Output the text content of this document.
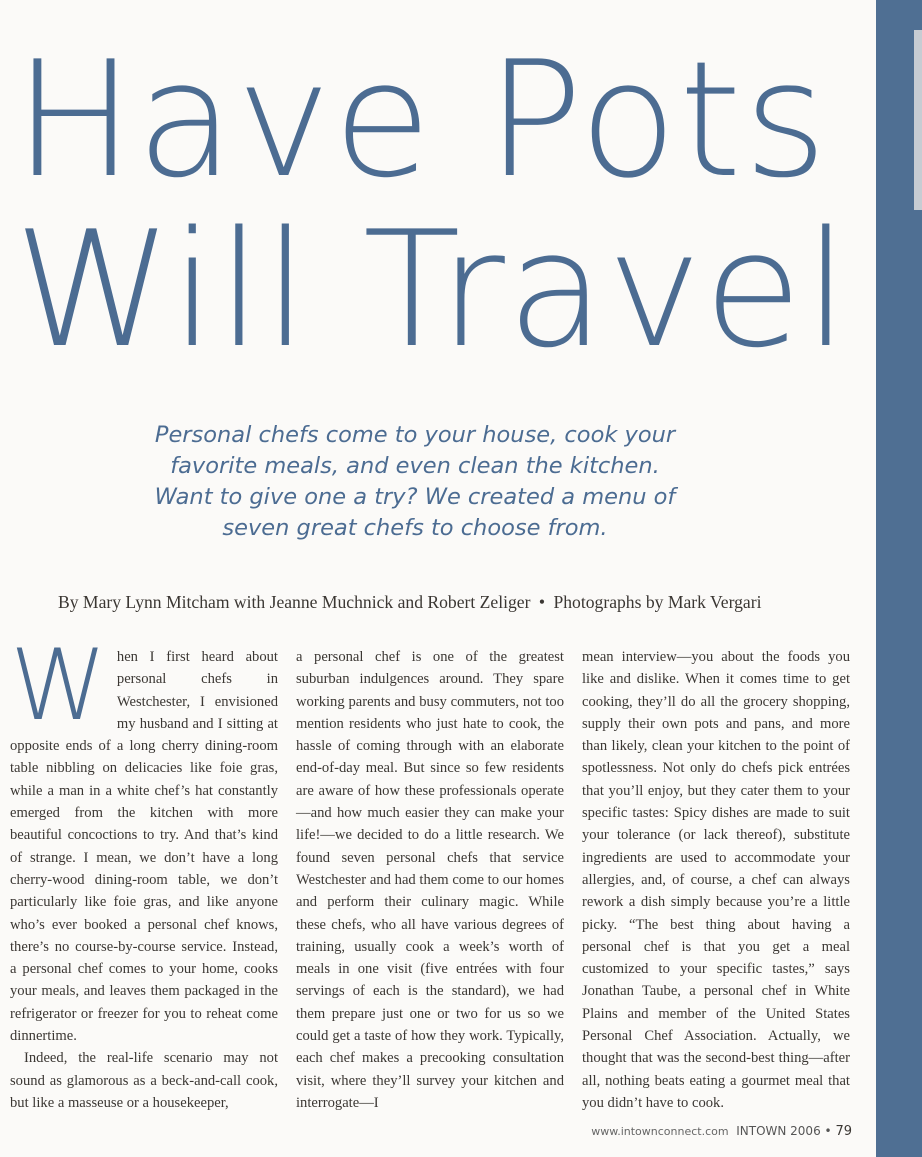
Have Pots
Will Travel

Personal chefs come to your house, cook your

favorite meals, and even clean the kitchen.

Want to give one a try? We created a menu of

seven great chefs to choose from.

By Mary Lynn Mitcham with Jeanne Muchnick and Robert Zeliger • Photographs by Mark Vergari

When I first heard about personal chefs in Westchester, I envisioned my husband and I sitting at opposite ends of a long cherry dining-room table nibbling on delicacies like foie gras, while a man in a white chef’s hat constantly emerged from the kitchen with more beautiful concoctions to try. And that’s kind of strange. I mean, we don’t have a long cherry-wood dining-room table, we don’t particularly like foie gras, and like anyone who’s ever booked a personal chef knows, there’s no course-by-course service. Instead, a personal chef comes to your home, cooks your meals, and leaves them packaged in the refrigerator or freezer for you to reheat come dinnertime.

Indeed, the real-life scenario may not sound as glamorous as a beck-and-call cook, but like a masseuse or a housekeeper,

a personal chef is one of the greatest suburban indulgences around. They spare working parents and busy commuters, not too mention residents who just hate to cook, the hassle of coming through with an elaborate end-of-day meal. But since so few residents are aware of how these professionals operate—and how much easier they can make your life!—we decided to do a little research. We found seven personal chefs that service Westchester and had them come to our homes and perform their culinary magic. While these chefs, who all have various degrees of training, usually cook a week’s worth of meals in one visit (five entrées with four servings of each is the standard), we had them prepare just one or two for us so we could get a taste of how they work. Typically, each chef makes a precooking consultation visit, where they’ll survey your kitchen and interrogate—I

mean interview—you about the foods you like and dislike. When it comes time to get cooking, they’ll do all the grocery shopping, supply their own pots and pans, and more than likely, clean your kitchen to the point of spotlessness. Not only do chefs pick entrées that you’ll enjoy, but they cater them to your specific tastes: Spicy dishes are made to suit your tolerance (or lack thereof), substitute ingredients are used to accommodate your allergies, and, of course, a chef can always rework a dish simply because you’re a little picky. “The best thing about having a personal chef is that you get a meal customized to your specific tastes,” says Jonathan Taube, a personal chef in White Plains and member of the United States Personal Chef Association. Actually, we thought that was the second-best thing—after all, nothing beats eating a gourmet meal that you didn’t have to cook.

www.intownconnect.com INTOWN 2006 • 79
